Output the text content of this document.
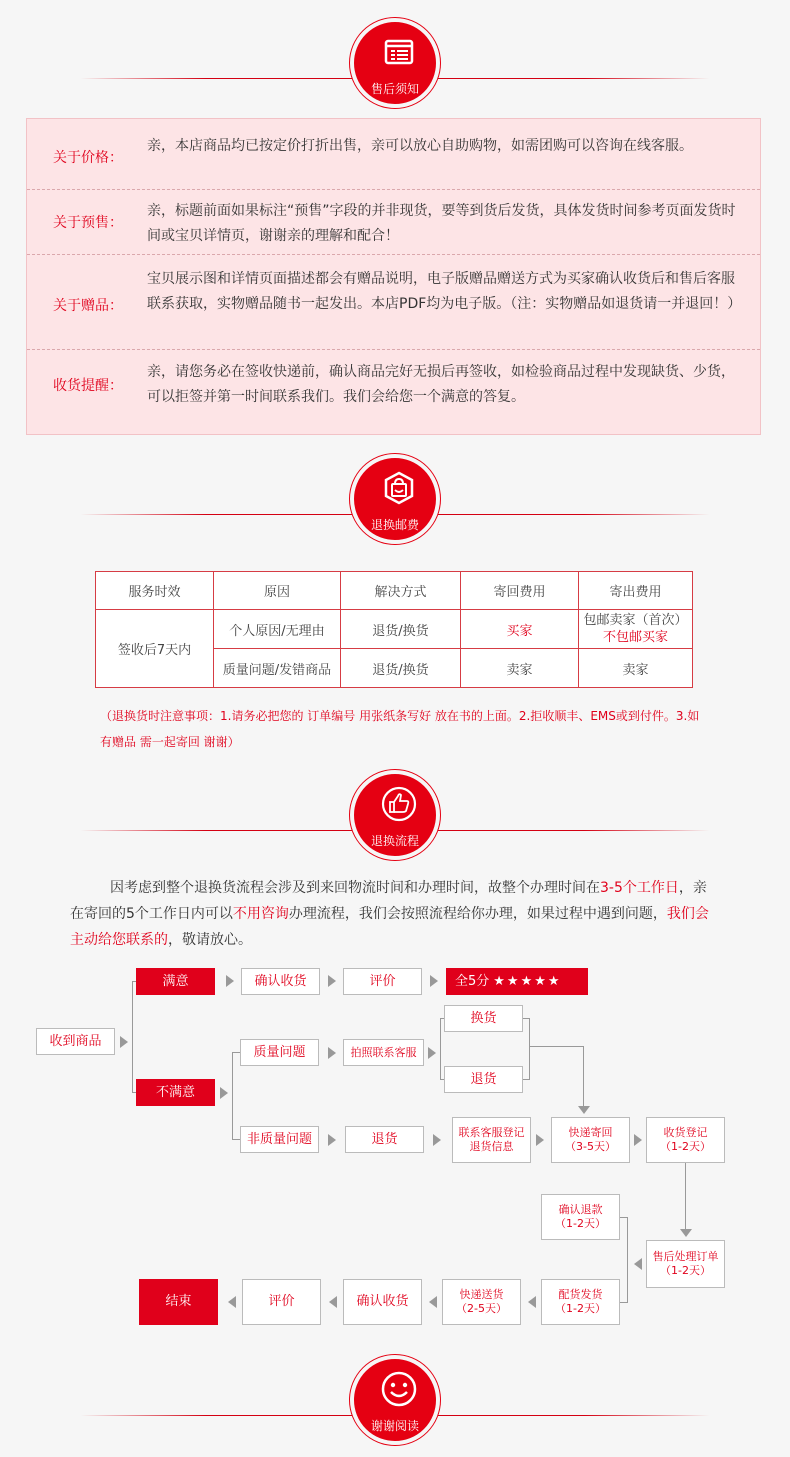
售后须知
关于价格：
亲，本店商品均已按定价打折出售，亲可以放心自助购物，如需团购可以咨询在线客服。
关于预售：
亲，标题前面如果标注“预售”字段的并非现货，要等到货后发货，具体发货时间参考页面发货时间或宝贝详情页，谢谢亲的理解和配合！
关于赠品：
宝贝展示图和详情页面描述都会有赠品说明，电子版赠品赠送方式为买家确认收货后和售后客服联系获取，实物赠品随书一起发出。本店PDF均为电子版。（注：实物赠品如退货请一并退回！）
收货提醒：
亲，请您务必在签收快递前，确认商品完好无损后再签收，如检验商品过程中发现缺货、少货，可以拒签并第一时间联系我们。我们会给您一个满意的答复。
退换邮费
服务时效	原因	解决方式	寄回费用	寄出费用
签收后7天内	个人原因/无理由	退货/换货	买家	包邮卖家（首次）
不包邮买家

	质量问题/发错商品	退货/换货	卖家	卖家
（退换货时注意事项：1.请务必把您的 订单编号 用张纸条写好 放在书的上面。2.拒收顺丰、EMS或到付件。3.如有赠品 需一起寄回 谢谢）
退换流程
因考虑到整个退换货流程会涉及到来回物流时间和办理时间，故整个办理时间在3-5个工作日，亲在寄回的5个工作日内可以不用咨询办理流程，我们会按照流程给你办理，如果过程中遇到问题，我们会主动给您联系的，敬请放心。
收到商品
满意	确认收货	评价	全5分 ★★★★★
不满意
质量问题	拍照联系客服
换货
退货
非质量问题	退货	联系客服登记
退货信息
快递寄回
（3-5天）
收货登记
（1-2天）
售后处理订单
（1-2天）
确认退款
（1-2天）
配货发货
（1-2天）
快递送货
（2-5天）
确认收货
评价
结束
谢谢阅读
